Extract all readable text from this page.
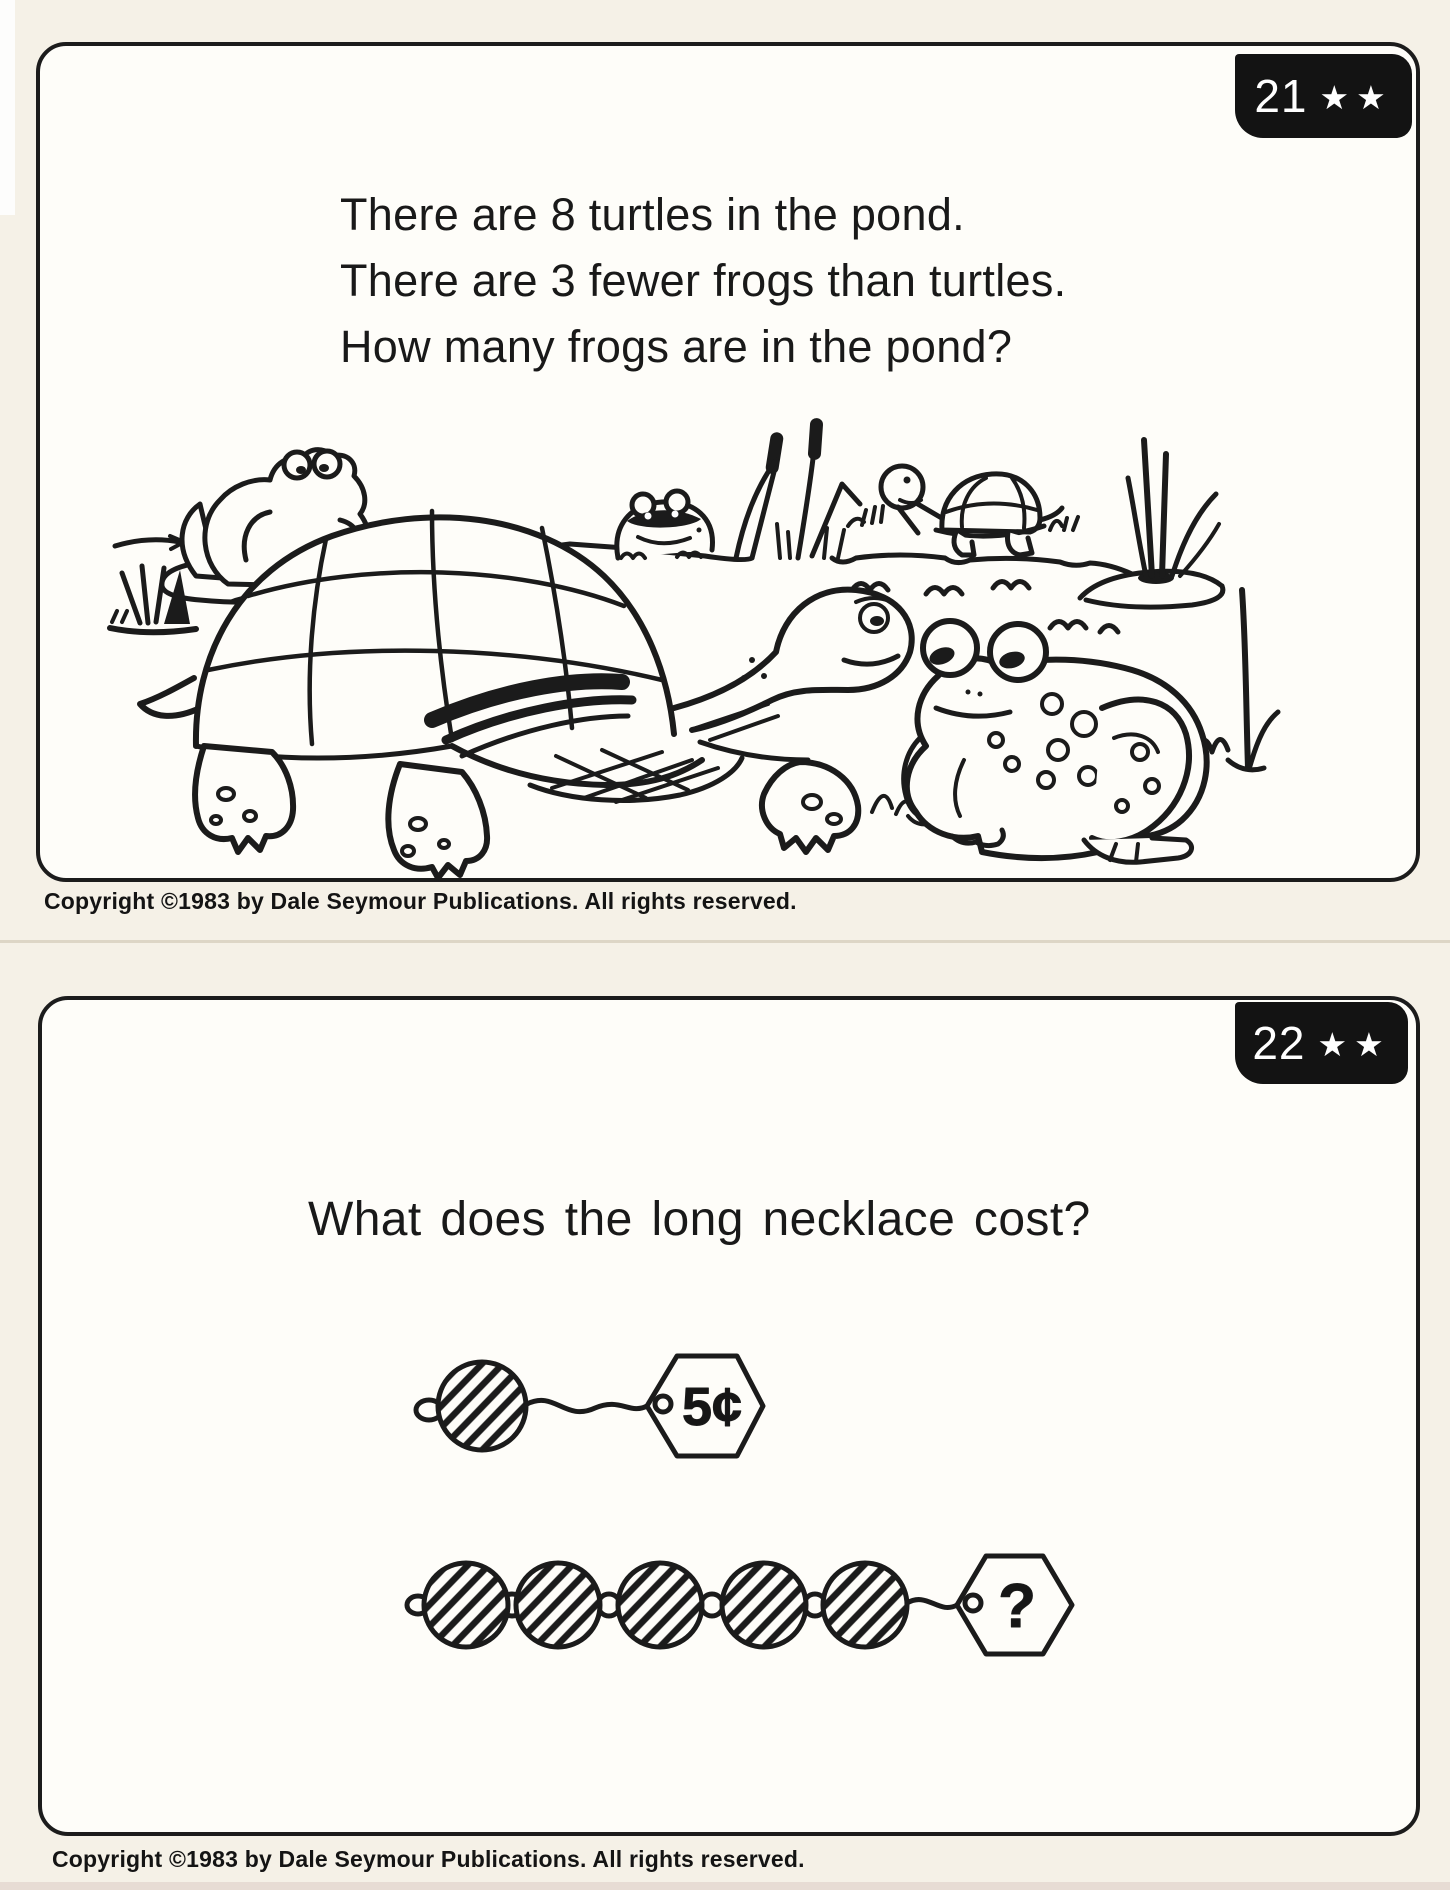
21 ★★
There are 8 turtles in the pond.
There are 3 fewer frogs than turtles.
How many frogs are in the pond?
Copyright ©1983 by Dale Seymour Publications. All rights reserved.
22 ★★
What does the long necklace cost?
5¢
?
Copyright ©1983 by Dale Seymour Publications. All rights reserved.
